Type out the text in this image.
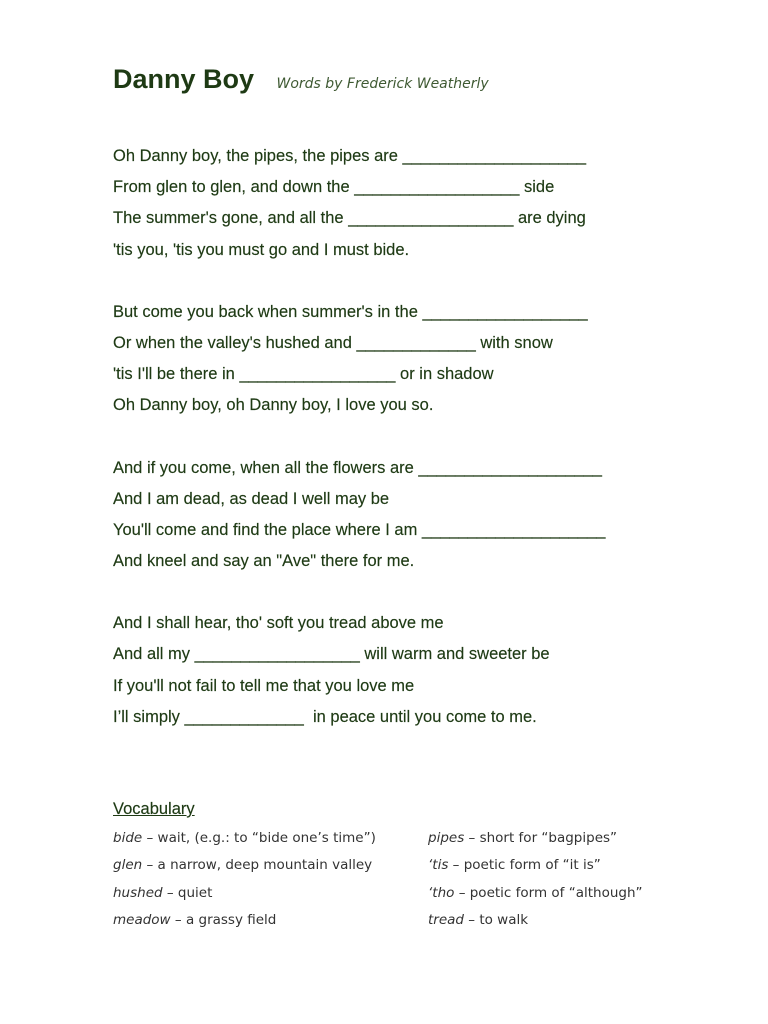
Danny Boy Words by Frederick Weatherly
Oh Danny boy, the pipes, the pipes are ____________________
From glen to glen, and down the __________________ side
The summer's gone, and all the __________________ are dying
'tis you, 'tis you must go and I must bide.
But come you back when summer's in the __________________
Or when the valley's hushed and _____________ with snow
'tis I'll be there in _________________ or in shadow
Oh Danny boy, oh Danny boy, I love you so.
And if you come, when all the flowers are ____________________
And I am dead, as dead I well may be
You'll come and find the place where I am ____________________
And kneel and say an "Ave" there for me.
And I shall hear, tho' soft you tread above me
And all my __________________ will warm and sweeter be
If you'll not fail to tell me that you love me
I’ll simply _____________  in peace until you come to me.
Vocabulary
bide – wait, (e.g.: to “bide one’s time”)	pipes – short for “bagpipes”
glen – a narrow, deep mountain valley	‘tis – poetic form of “it is”
hushed – quiet	‘tho – poetic form of “although”
meadow – a grassy field	tread – to walk
